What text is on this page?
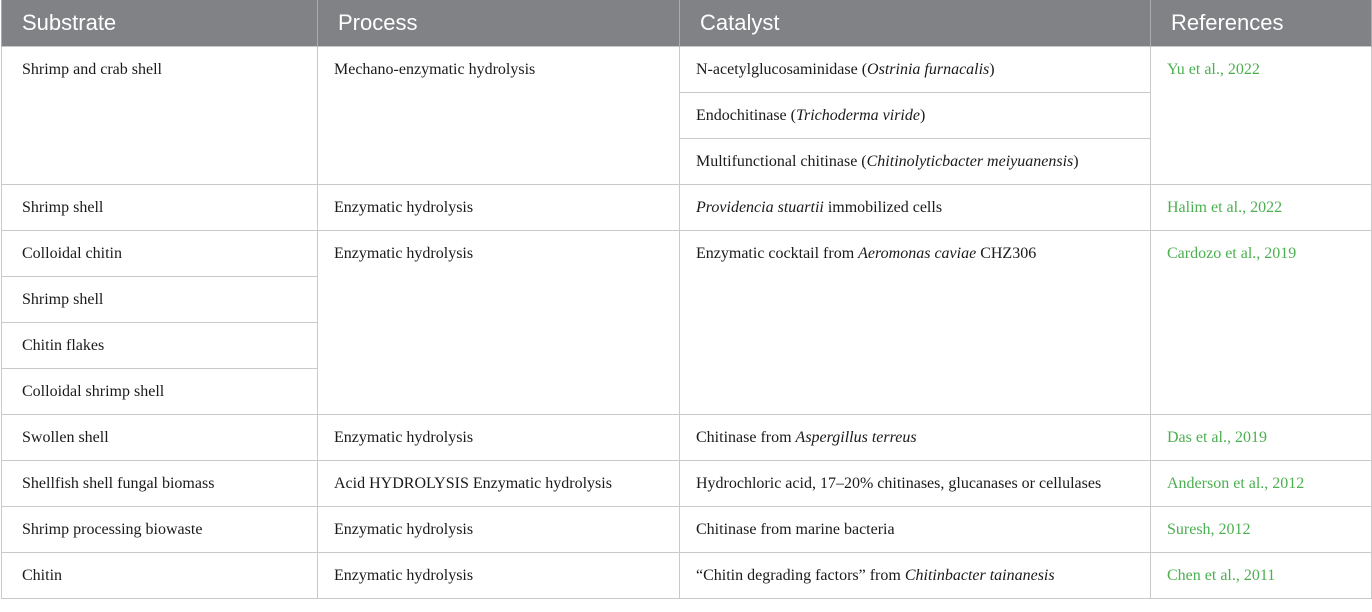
Substrate	Process	Catalyst	References
Shrimp and crab shell	Mechano-enzymatic hydrolysis	N-acetylglucosaminidase (Ostrinia furnacalis)	Yu et al., 2022
		Endochitinase (Trichoderma viride)	
		Multifunctional chitinase (Chitinolyticbacter meiyuanensis)	
Shrimp shell	Enzymatic hydrolysis	Providencia stuartii immobilized cells	Halim et al., 2022
Colloidal chitin	Enzymatic hydrolysis	Enzymatic cocktail from Aeromonas caviae CHZ306	Cardozo et al., 2019
Shrimp shell			
Chitin flakes			
Colloidal shrimp shell			
Swollen shell	Enzymatic hydrolysis	Chitinase from Aspergillus terreus	Das et al., 2019
Shellfish shell fungal biomass	Acid HYDROLYSIS Enzymatic hydrolysis	Hydrochloric acid, 17–20% chitinases, glucanases or cellulases	Anderson et al., 2012
Shrimp processing biowaste	Enzymatic hydrolysis	Chitinase from marine bacteria	Suresh, 2012
Chitin	Enzymatic hydrolysis	“Chitin degrading factors” from Chitinbacter tainanesis	Chen et al., 2011
